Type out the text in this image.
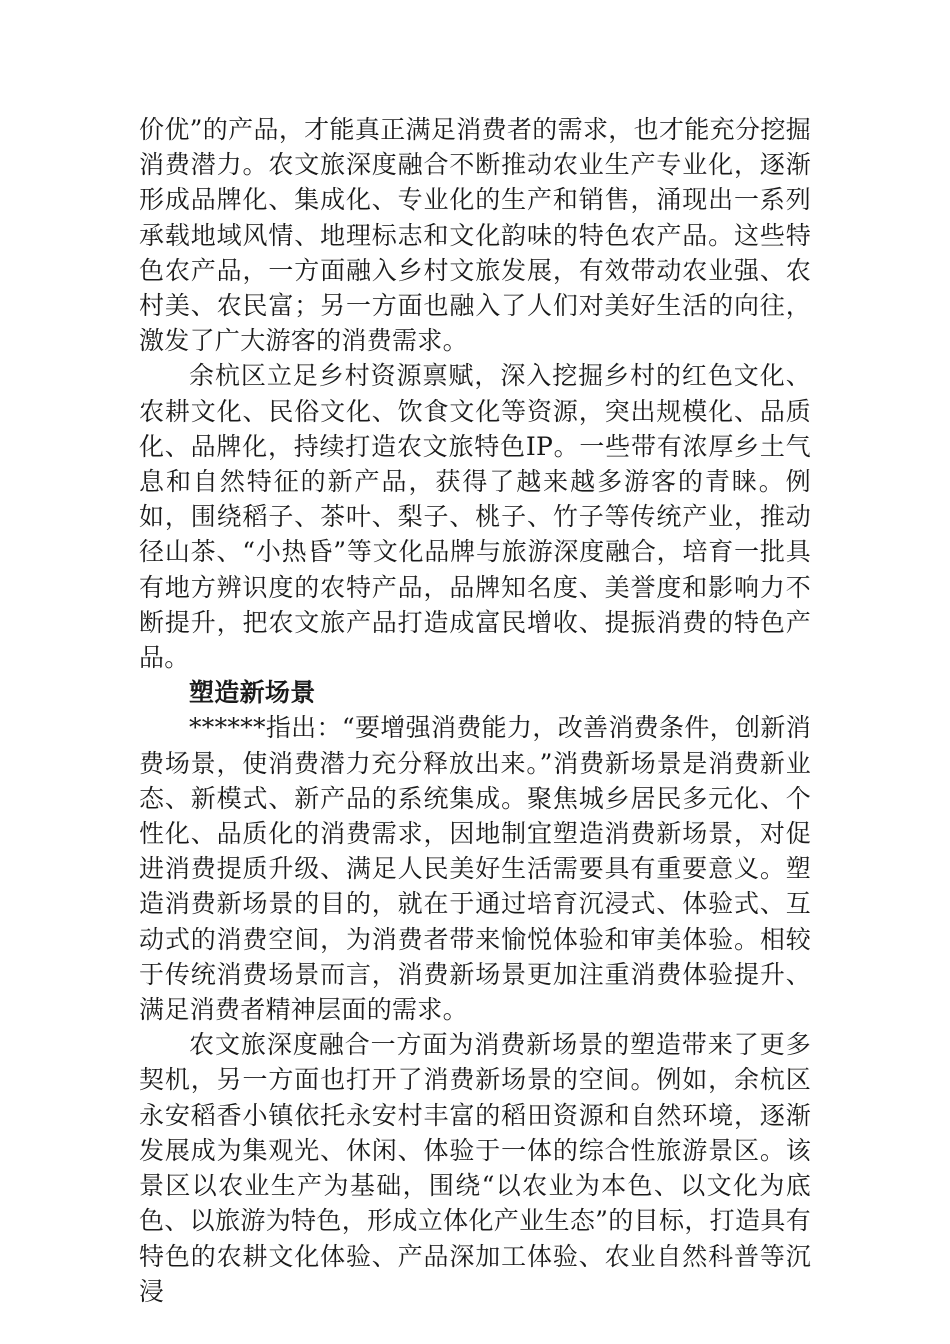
价优”的产品，才能真正满足消费者的需求，也才能充分挖掘消费潜力。农文旅深度融合不断推动农业生产专业化，逐渐形成品牌化、集成化、专业化的生产和销售，涌现出一系列承载地域风情、地理标志和文化韵味的特色农产品。这些特色农产品，一方面融入乡村文旅发展，有效带动农业强、农村美、农民富；另一方面也融入了人们对美好生活的向往，激发了广大游客的消费需求。

余杭区立足乡村资源禀赋，深入挖掘乡村的红色文化、农耕文化、民俗文化、饮食文化等资源，突出规模化、品质化、品牌化，持续打造农文旅特色IP。一些带有浓厚乡土气息和自然特征的新产品，获得了越来越多游客的青睐。例如，围绕稻子、茶叶、梨子、桃子、竹子等传统产业，推动径山茶、“小热昏”等文化品牌与旅游深度融合，培育一批具有地方辨识度的农特产品，品牌知名度、美誉度和影响力不断提升，把农文旅产品打造成富民增收、提振消费的特色产品。

塑造新场景

******指出：“要增强消费能力，改善消费条件，创新消费场景，使消费潜力充分释放出来。”消费新场景是消费新业态、新模式、新产品的系统集成。聚焦城乡居民多元化、个性化、品质化的消费需求，因地制宜塑造消费新场景，对促进消费提质升级、满足人民美好生活需要具有重要意义。塑造消费新场景的目的，就在于通过培育沉浸式、体验式、互动式的消费空间，为消费者带来愉悦体验和审美体验。相较于传统消费场景而言，消费新场景更加注重消费体验提升、满足消费者精神层面的需求。

农文旅深度融合一方面为消费新场景的塑造带来了更多契机，另一方面也打开了消费新场景的空间。例如，余杭区永安稻香小镇依托永安村丰富的稻田资源和自然环境，逐渐发展成为集观光、休闲、体验于一体的综合性旅游景区。该景区以农业生产为基础，围绕“以农业为本色、以文化为底色、以旅游为特色，形成立体化产业生态”的目标，打造具有特色的农耕文化体验、产品深加工体验、农业自然科普等沉浸
